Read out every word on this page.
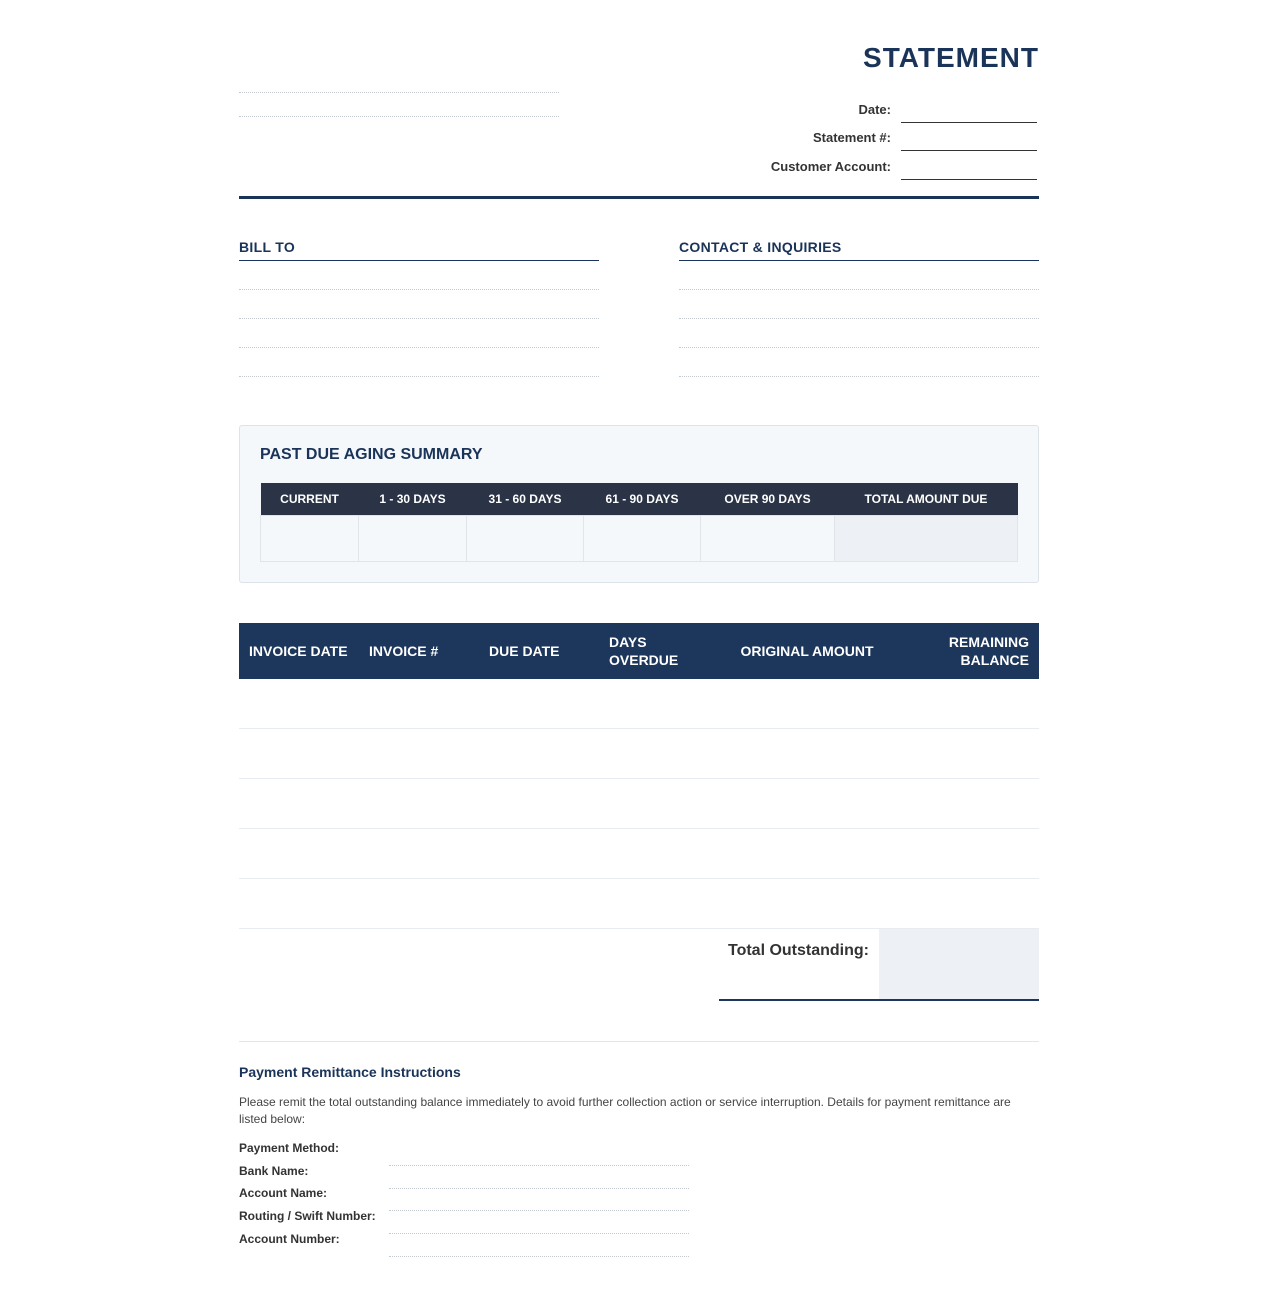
STATEMENT
Date:
Statement #:
Customer Account:
BILL TO	CONTACT & INQUIRIES
PAST DUE AGING SUMMARY
CURRENT	1 - 30 DAYS	31 - 60 DAYS	61 - 90 DAYS	OVER 90 DAYS	TOTAL AMOUNT DUE

INVOICE DATE	INVOICE #	DUE DATE	DAYS OVERDUE	ORIGINAL AMOUNT	REMAINING BALANCE

Total Outstanding:
Payment Remittance Instructions

Please remit the total outstanding balance immediately to avoid further collection action or service interruption. Details for payment remittance are listed below:

Payment Method:
Bank Name:
Account Name:
Routing / Swift Number:
Account Number:
